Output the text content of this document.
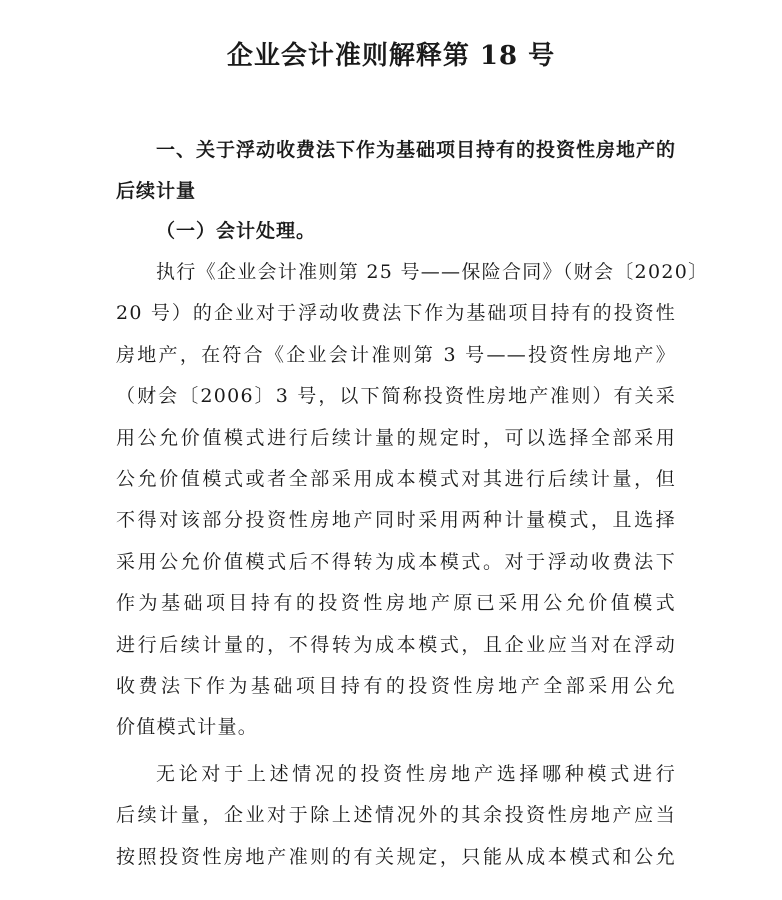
企业会计准则解释第 18 号
一、关于浮动收费法下作为基础项目持有的投资性房地产的后续计量
（一）会计处理。
执行《企业会计准则第 25 号——保险合同》（财会〔2020〕
20 号）的企业对于浮动收费法下作为基础项目持有的投资性
房地产，在符合《企业会计准则第 3 号——投资性房地产》
（财会〔2006〕3 号，以下简称投资性房地产准则）有关采
用公允价值模式进行后续计量的规定时，可以选择全部采用
公允价值模式或者全部采用成本模式对其进行后续计量，但
不得对该部分投资性房地产同时采用两种计量模式，且选择
采用公允价值模式后不得转为成本模式。对于浮动收费法下
作为基础项目持有的投资性房地产原已采用公允价值模式
进行后续计量的，不得转为成本模式，且企业应当对在浮动
收费法下作为基础项目持有的投资性房地产全部采用公允
价值模式计量。
无论对于上述情况的投资性房地产选择哪种模式进行
后续计量，企业对于除上述情况外的其余投资性房地产应当
按照投资性房地产准则的有关规定，只能从成本模式和公允
